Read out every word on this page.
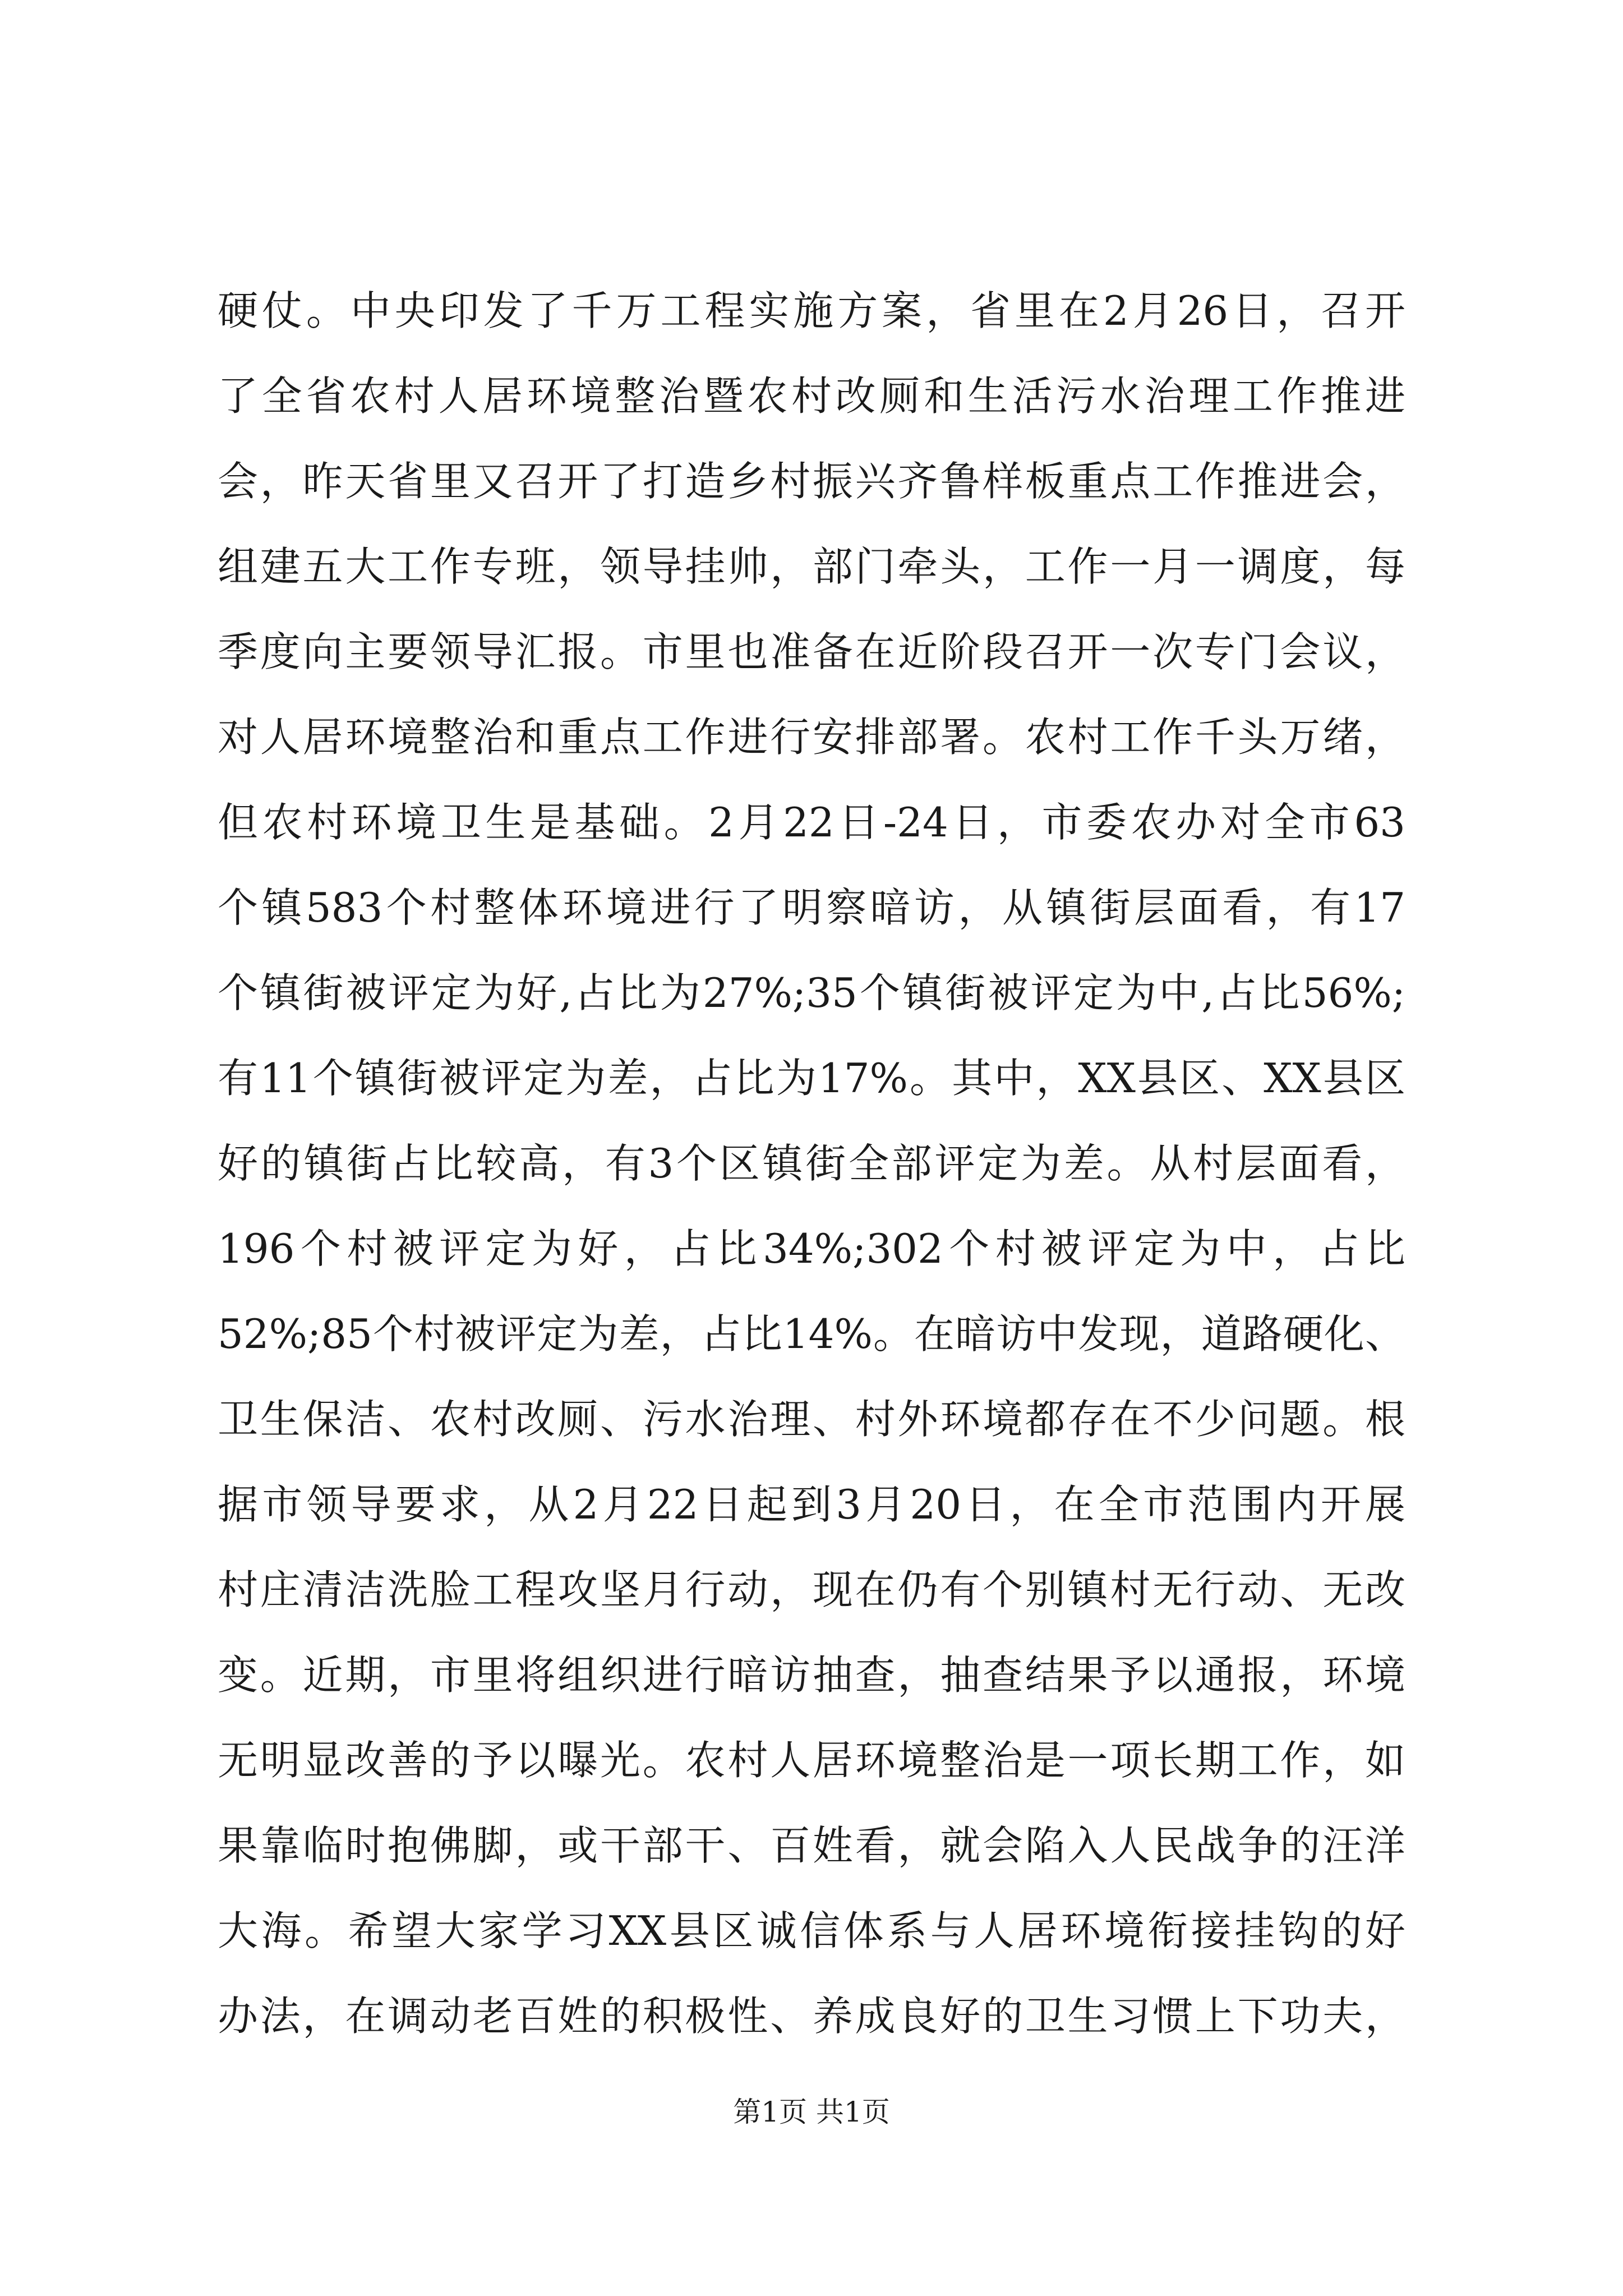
硬仗。中央印发了千万工程实施方案，省里在2月26日，召开
了全省农村人居环境整治暨农村改厕和生活污水治理工作推进
会，昨天省里又召开了打造乡村振兴齐鲁样板重点工作推进会，
组建五大工作专班，领导挂帅，部门牵头，工作一月一调度，每
季度向主要领导汇报。市里也准备在近阶段召开一次专门会议，
对人居环境整治和重点工作进行安排部署。农村工作千头万绪，
但农村环境卫生是基础。2月22日-24日，市委农办对全市63
个镇583个村整体环境进行了明察暗访，从镇街层面看，有17
个镇街被评定为好,占比为27%;35个镇街被评定为中,占比56%;
有11个镇街被评定为差，占比为17%。其中，XX县区、XX县区
好的镇街占比较高，有3个区镇街全部评定为差。从村层面看，
196个村被评定为好，占比34%;302个村被评定为中，占比
52%;85个村被评定为差，占比14%。在暗访中发现，道路硬化、
卫生保洁、农村改厕、污水治理、村外环境都存在不少问题。根
据市领导要求，从2月22日起到3月20日，在全市范围内开展
村庄清洁洗脸工程攻坚月行动，现在仍有个别镇村无行动、无改
变。近期，市里将组织进行暗访抽查，抽查结果予以通报，环境
无明显改善的予以曝光。农村人居环境整治是一项长期工作，如
果靠临时抱佛脚，或干部干、百姓看，就会陷入人民战争的汪洋
大海。希望大家学习XX县区诚信体系与人居环境衔接挂钩的好
办法，在调动老百姓的积极性、养成良好的卫生习惯上下功夫，
第1页 共1页
